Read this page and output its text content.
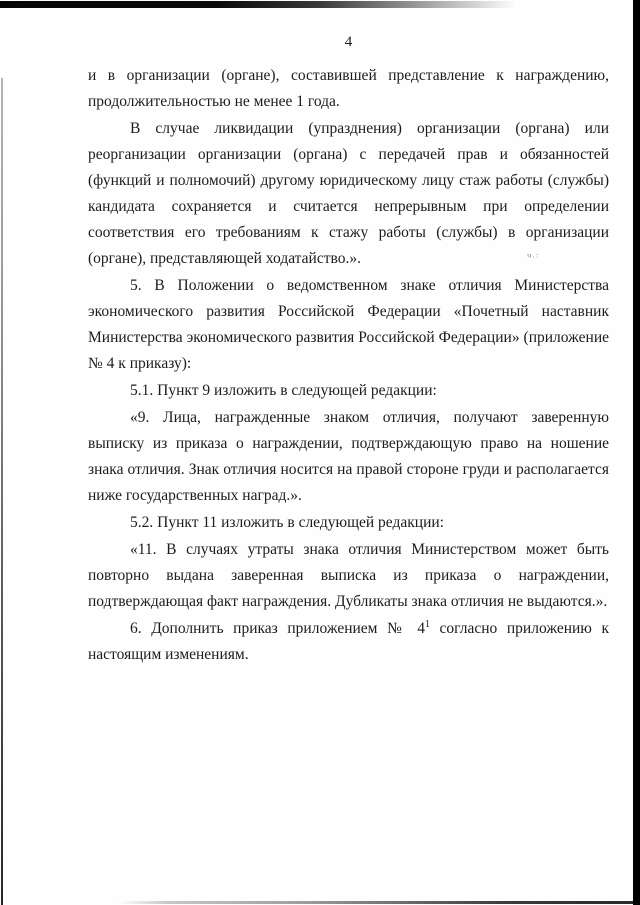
ч.:
4

и в организации (органе), составившей представление к награждению, продолжительностью не менее 1 года.

В случае ликвидации (упразднения) организации (органа) или реорганизации организации (органа) с передачей прав и обязанностей (функций и полномочий) другому юридическому лицу стаж работы (службы) кандидата сохраняется и считается непрерывным при определении соответствия его требованиям к стажу работы (службы) в организации (органе), представляющей ходатайство.».

5. В Положении о ведомственном знаке отличия Министерства экономического развития Российской Федерации «Почетный наставник Министерства экономического развития Российской Федерации» (приложение № 4 к приказу):

5.1. Пункт 9 изложить в следующей редакции:

«9. Лица, награжденные знаком отличия, получают заверенную выписку из приказа о награждении, подтверждающую право на ношение знака отличия. Знак отличия носится на правой стороне груди и располагается ниже государственных наград.».

5.2. Пункт 11 изложить в следующей редакции:

«11. В случаях утраты знака отличия Министерством может быть повторно выдана заверенная выписка из приказа о награждении, подтверждающая факт награждения. Дубликаты знака отличия не выдаются.».

6. Дополнить приказ приложением № $4^1$ согласно приложению к настоящим изменениям.
